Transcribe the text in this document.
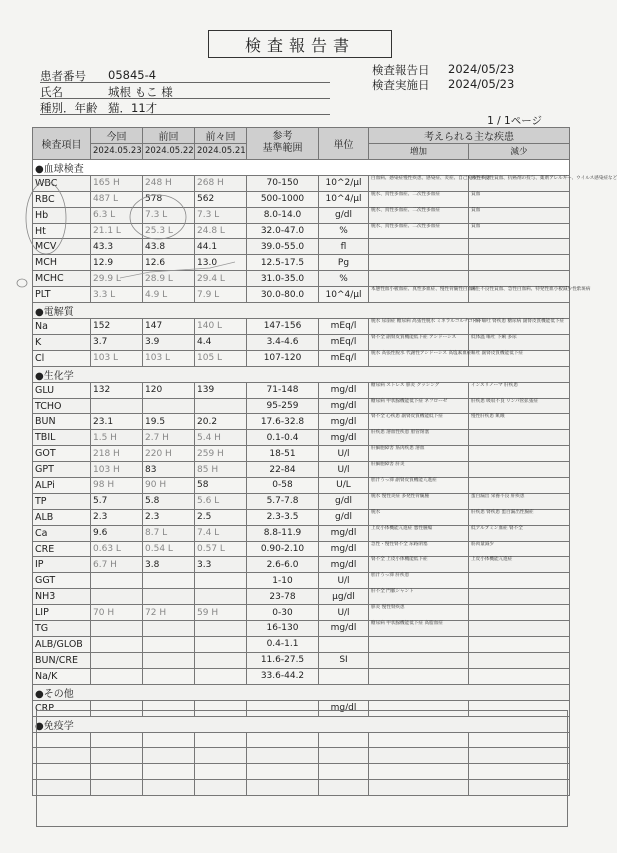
検査報告書
患者番号	05845-4
氏名	城根 もこ 様
種別．年齢 猫．11才
検査報告日	2024/05/23
検査実施日	2024/05/23
1 / 1ページ
検査項目	今回	前回	前々回	参考
基準範囲	単位	考えられる主な疾患	
	2024.05.23	2024.05.22	2024.05.21			増加	減少
●血球検査							
WBC	165 H	248 H	268 H	70-150	10^2/μl	白血病、感染症慢性疾患、感染症、炎症、自己免疫性疾患	再生不良性貧血、抗癌剤の投与、薬剤アレルギー、ウイルス感染症など
RBC	487 L	578	562	500-1000	10^4/μl	脱水、真性多血症、二次性多血症	貧血
Hb	6.3 L	7.3 L	7.3 L	8.0-14.0	g/dl	脱水、真性多血症、二次性多血症	貧血
Ht	21.1 L	25.3 L	24.8 L	32.0-47.0	%	脱水、真性多血症、二次性多血症	貧血
MCV	43.3	43.8	44.1	39.0-55.0	fl		
MCH	12.9	12.6	13.0	12.5-17.5	Pg		
MCHC	29.9 L	28.9 L	29.4 L	31.0-35.0	%		
PLT	3.3 L	4.9 L	7.9 L	30.0-80.0	10^4/μl	本態性血小板血症、真性多血症、慢性骨髄性白血病	再生不良性貧血、急性白血病、特発性血小板減少性紫斑病
●電解質							
Na	152	147	140 L	147-156	mEq/l	脱水 尿崩症 糖尿病 高張性脱水 ミネラルコルチコイド	下痢 嘔吐 腎疾患 糖尿病 副腎皮質機能低下症
K	3.7	3.9	4.4	3.4-4.6	mEq/l	腎不全 副腎皮質機能低下症 アシドーシス	低体温 嘔吐 下痢 多尿
Cl	103 L	103 L	105 L	107-120	mEq/l	脱水 高張性脱水 代謝性アシドーシス 高塩素血症	嘔吐 副腎皮質機能低下症
●生化学							
GLU	132	120	139	71-148	mg/dl	糖尿病 ストレス 膵炎 クッシング	インスリノーマ 肝疾患
TCHO				95-259	mg/dl	糖尿病 甲状腺機能低下症 ネフローゼ	肝疾患 吸収不良 リンパ管拡張症
BUN	23.1	19.5	20.2	17.6-32.8	mg/dl	腎不全 心疾患 副腎皮質機能低下症	慢性肝疾患 飢餓
TBIL	1.5 H	2.7 H	5.4 H	0.1-0.4	mg/dl	肝疾患 溶血性疾患 胆管閉塞	
GOT	218 H	220 H	259 H	18-51	U/l	肝細胞障害 筋肉疾患 溶血	
GPT	103 H	83	85 H	22-84	U/l	肝細胞障害 肝炎	
ALPi	98 H	90 H	58	0-58	U/L	胆汁うっ滞 副腎皮質機能亢進症	
TP	5.7	5.8	5.6 L	5.7-7.8	g/dl	脱水 慢性炎症 多発性骨髄腫	蛋白漏出 栄養不良 肝疾患
ALB	2.3	2.3	2.5	2.3-3.5	g/dl	脱水	肝疾患 腎疾患 蛋白漏出性腸症
Ca	9.6	8.7 L	7.4 L	8.8-11.9	mg/dl	上皮小体機能亢進症 悪性腫瘍	低アルブミン血症 腎不全
CRE	0.63 L	0.54 L	0.57 L	0.90-2.10	mg/dl	急性・慢性腎不全 尿路閉塞	筋肉量減少
IP	6.7 H	3.8	3.3	2.6-6.0	mg/dl	腎不全 上皮小体機能低下症	上皮小体機能亢進症
GGT				1-10	U/l	胆汁うっ滞 肝疾患	
NH3				23-78	μg/dl	肝不全 門脈シャント	
LIP	70 H	72 H	59 H	0-30	U/l	膵炎 慢性腎疾患	
TG				16-130	mg/dl	糖尿病 甲状腺機能低下症 高脂血症	
ALB/GLOB				0.4-1.1			
BUN/CRE				11.6-27.5	SI		
Na/K				33.6-44.2			
●その他							
CRP					mg/dl		
●免疫学							
